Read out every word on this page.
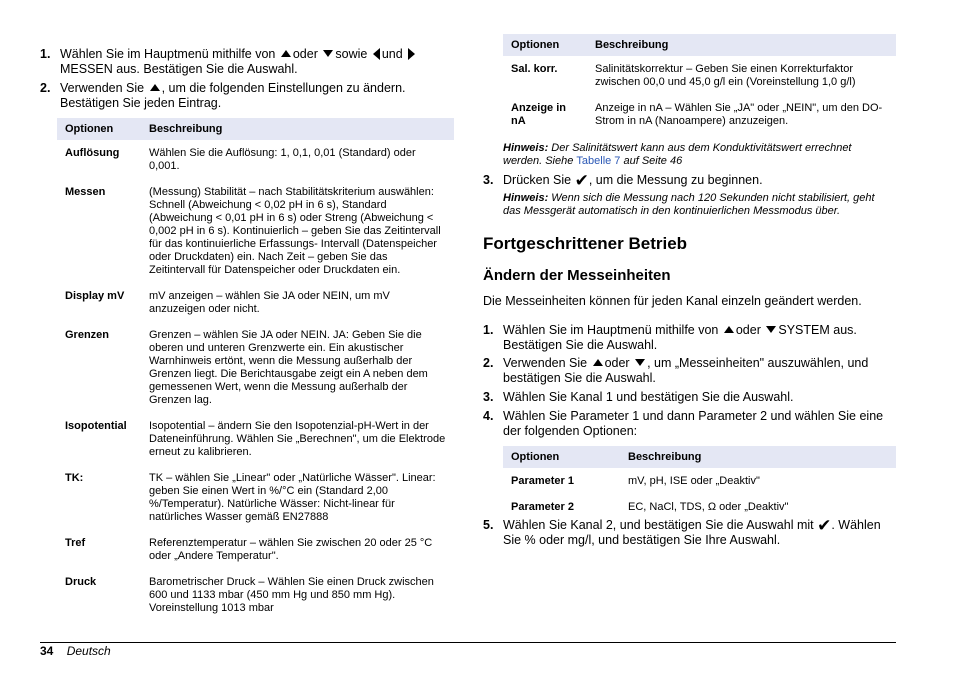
1. Wählen Sie im Hauptmenü mithilfe von oder sowie und  MESSEN aus. Bestätigen Sie die Auswahl.
2. Verwenden Sie , um die folgenden Einstellungen zu ändern. Bestätigen Sie jeden Eintrag.
Optionen	Beschreibung
Auflösung	Wählen Sie die Auflösung: 1, 0,1, 0,01 (Standard) oder 0,001.
Messen	(Messung) Stabilität – nach Stabilitätskriterium auswählen: Schnell (Abweichung < 0,02 pH in 6 s), Standard (Abweichung < 0,01 pH in 6 s) oder Streng (Abweichung < 0,002 pH in 6 s). Kontinuierlich – geben Sie das Zeitintervall für das kontinuierliche Erfassungs- Intervall (Datenspeicher oder Druckdaten) ein. Nach Zeit – geben Sie das Zeitintervall für Datenspeicher oder Druckdaten ein.
Display mV	mV anzeigen – wählen Sie JA oder NEIN, um mV anzuzeigen oder nicht.
Grenzen	Grenzen – wählen Sie JA oder NEIN. JA: Geben Sie die oberen und unteren Grenzwerte ein. Ein akustischer Warnhinweis ertönt, wenn die Messung außerhalb der Grenzen liegt. Die Berichtausgabe zeigt ein A neben dem gemessenen Wert, wenn die Messung außerhalb der Grenzen lag.
Isopotential	Isopotential – ändern Sie den Isopotenzial-pH-Wert in der Dateneinführung. Wählen Sie „Berechnen", um die Elektrode erneut zu kalibrieren.
TK:	TK – wählen Sie „Linear" oder „Natürliche Wässer". Linear: geben Sie einen Wert in %/°C ein (Standard 2,00 %/Temperatur). Natürliche Wässer: Nicht-linear für natürliches Wasser gemäß EN27888
Tref	Referenztemperatur – wählen Sie zwischen 20 oder 25 °C oder „Andere Temperatur".
Druck	Barometrischer Druck – Wählen Sie einen Druck zwischen 600 und 1133 mbar (450 mm Hg und 850 mm Hg). Voreinstellung 1013 mbar
Optionen	Beschreibung
Sal. korr.	Salinitätskorrektur – Geben Sie einen Korrekturfaktor zwischen 00,0 und 45,0 g/l ein (Voreinstellung 1,0 g/l)
Anzeige in nA	Anzeige in nA – Wählen Sie „JA" oder „NEIN", um den DO-Strom in nA (Nanoampere) anzuzeigen.
Hinweis: Der Salinitätswert kann aus dem Konduktivitätswert errechnet werden. Siehe Tabelle 7 auf Seite 46
3. Drücken Sie ✔, um die Messung zu beginnen.
Hinweis: Wenn sich die Messung nach 120 Sekunden nicht stabilisiert, geht das Messgerät automatisch in den kontinuierlichen Messmodus über.
Fortgeschrittener Betrieb
Ändern der Messeinheiten
Die Messeinheiten können für jeden Kanal einzeln geändert werden.
1. Wählen Sie im Hauptmenü mithilfe von oder SYSTEM aus. Bestätigen Sie die Auswahl.
2. Verwenden Sie oder , um „Messeinheiten" auszuwählen, und bestätigen Sie die Auswahl.
3. Wählen Sie Kanal 1 und bestätigen Sie die Auswahl.
4. Wählen Sie Parameter 1 und dann Parameter 2 und wählen Sie eine der folgenden Optionen:
Optionen	Beschreibung
Parameter 1	mV, pH, ISE oder „Deaktiv"
Parameter 2	EC, NaCl, TDS, Ω oder „Deaktiv"
5. Wählen Sie Kanal 2, und bestätigen Sie die Auswahl mit ✔. Wählen Sie % oder mg/l, und bestätigen Sie Ihre Auswahl.
34 Deutsch
